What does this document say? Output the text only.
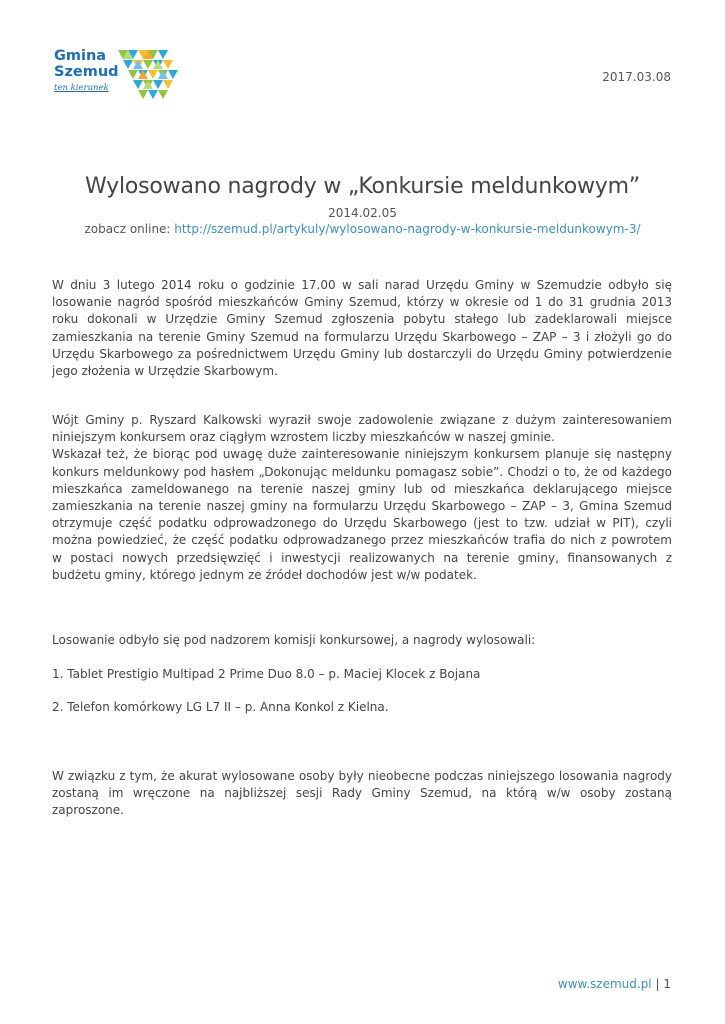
Gmina
Szemud
ten kierunek
2017.03.08
Wylosowano nagrody w „Konkursie meldunkowym”
2014.02.05
zobacz online: http://szemud.pl/artykuly/wylosowano-nagrody-w-konkursie-meldunkowym-3/

W dniu 3 lutego 2014 roku o godzinie 17.00 w sali narad Urzędu Gminy w Szemudzie odbyło się losowanie nagród spośród mieszkańców Gminy Szemud, którzy w okresie od 1 do 31 grudnia 2013 roku dokonali w Urzędzie Gminy Szemud zgłoszenia pobytu stałego lub zadeklarowali miejsce zamieszkania na terenie Gminy Szemud na formularzu Urzędu Skarbowego – ZAP – 3 i złożyli go do Urzędu Skarbowego za pośrednictwem Urzędu Gminy lub dostarczyli do Urzędu Gminy potwierdzenie jego złożenia w Urzędzie Skarbowym.

Wójt Gminy p. Ryszard Kalkowski wyraził swoje zadowolenie związane z dużym zainteresowaniem niniejszym konkursem oraz ciągłym wzrostem liczby mieszkańców w naszej gminie.

Wskazał też, że biorąc pod uwagę duże zainteresowanie niniejszym konkursem planuje się następny konkurs meldunkowy pod hasłem „Dokonując meldunku pomagasz sobie”. Chodzi o to, że od każdego mieszkańca zameldowanego na terenie naszej gminy lub od mieszkańca deklarującego miejsce zamieszkania na terenie naszej gminy na formularzu Urzędu Skarbowego – ZAP – 3, Gmina Szemud otrzymuje część podatku odprowadzonego do Urzędu Skarbowego (jest to tzw. udział w PIT), czyli można powiedzieć, że część podatku odprowadzanego przez mieszkańców trafia do nich z powrotem w postaci nowych przedsięwzięć i inwestycji realizowanych na terenie gminy, finansowanych z budżetu gminy, którego jednym ze źródeł dochodów jest w/w podatek.

Losowanie odbyło się pod nadzorem komisji konkursowej, a nagrody wylosowali:

1. Tablet Prestigio Multipad 2 Prime Duo 8.0 – p. Maciej Klocek z Bojana

2. Telefon komórkowy LG L7 II – p. Anna Konkol z Kielna.

W związku z tym, że akurat wylosowane osoby były nieobecne podczas niniejszego losowania nagrody zostaną im wręczone na najbliższej sesji Rady Gminy Szemud, na którą w/w osoby zostaną zaproszone.

www.szemud.pl | 1
